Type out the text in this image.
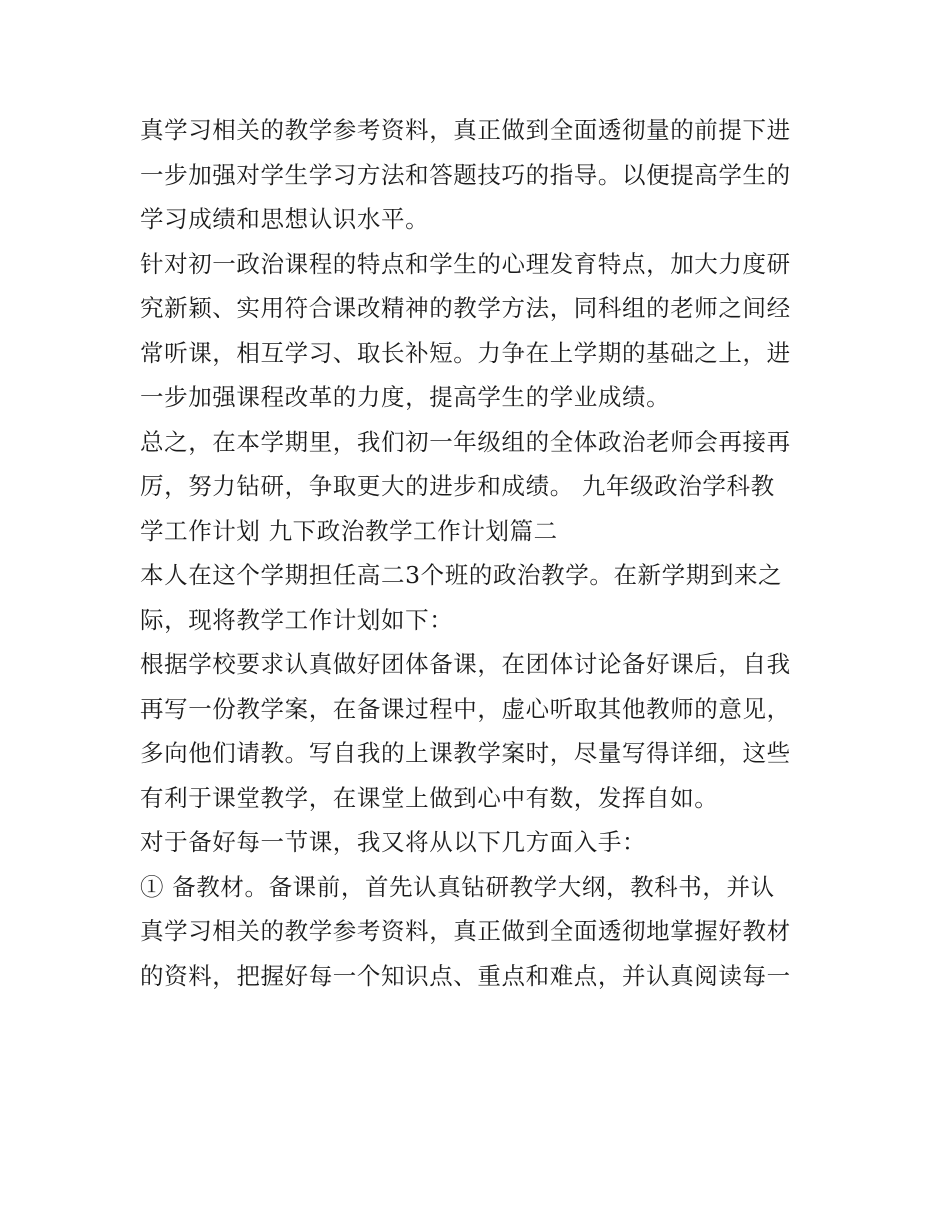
真学习相关的教学参考资料，真正做到全面透彻量的前提下进
一步加强对学生学习方法和答题技巧的指导。以便提高学生的
学习成绩和思想认识水平。
针对初一政治课程的特点和学生的心理发育特点，加大力度研
究新颖、实用符合课改精神的教学方法，同科组的老师之间经
常听课，相互学习、取长补短。力争在上学期的基础之上，进
一步加强课程改革的力度，提高学生的学业成绩。
总之，在本学期里，我们初一年级组的全体政治老师会再接再
厉，努力钻研，争取更大的进步和成绩。 九年级政治学科教
学工作计划 九下政治教学工作计划篇二
本人在这个学期担任高二3个班的政治教学。在新学期到来之
际，现将教学工作计划如下：
根据学校要求认真做好团体备课，在团体讨论备好课后，自我
再写一份教学案，在备课过程中，虚心听取其他教师的意见，
多向他们请教。写自我的上课教学案时，尽量写得详细，这些
有利于课堂教学，在课堂上做到心中有数，发挥自如。
对于备好每一节课，我又将从以下几方面入手：
① 备教材。备课前，首先认真钻研教学大纲，教科书，并认
真学习相关的教学参考资料，真正做到全面透彻地掌握好教材
的资料，把握好每一个知识点、重点和难点，并认真阅读每一
